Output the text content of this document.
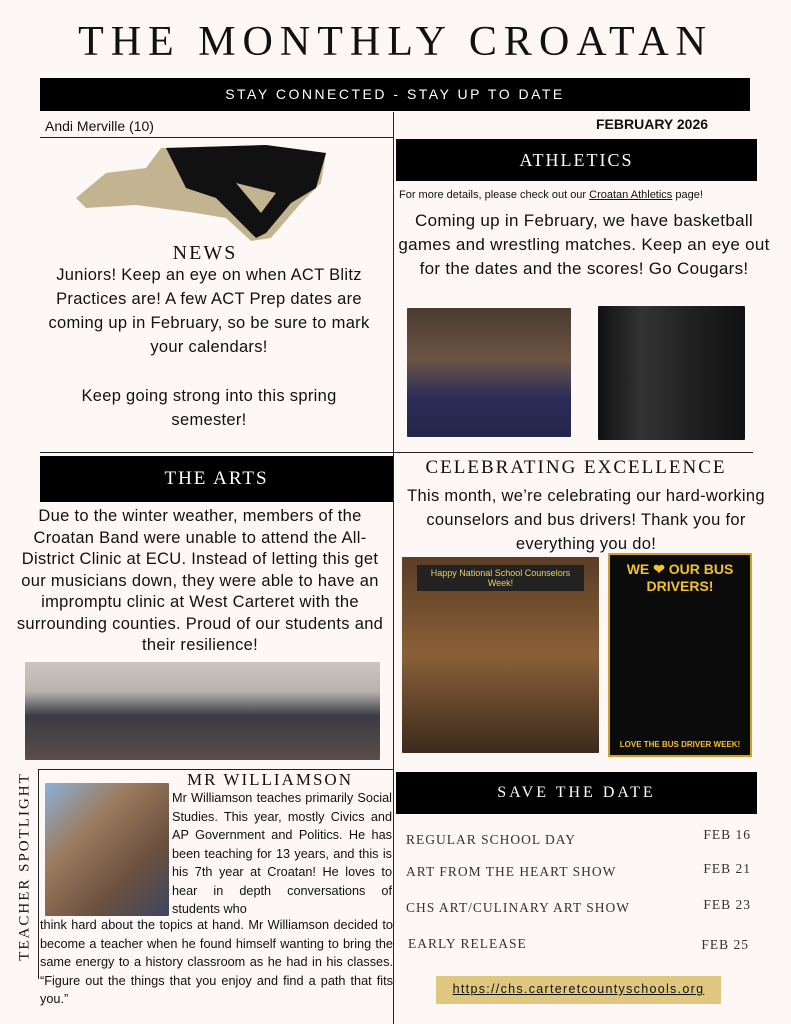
THE MONTHLY CROATAN
STAY CONNECTED - STAY UP TO DATE
Andi Merville (10)	FEBRUARY 2026
NEWS
Juniors! Keep an eye on when ACT Blitz Practices are! A few ACT Prep dates are coming up in February, so be sure to mark your calendars!
Keep going strong into this spring semester!
ATHLETICS
For more details, please check out our Croatan Athletics page!
Coming up in February, we have basketball games and wrestling matches. Keep an eye out for the dates and the scores! Go Cougars!
THE ARTS
Due to the winter weather, members of the Croatan Band were unable to attend the All-District Clinic at ECU. Instead of letting this get our musicians down, they were able to have an impromptu clinic at West Carteret with the surrounding counties. Proud of our students and their resilience!
CELEBRATING EXCELLENCE
This month, we’re celebrating our hard-working counselors and bus drivers! Thank you for everything you do!
Happy National School Counselors Week!
WE ❤ OUR BUS DRIVERS!
LOVE THE BUS DRIVER WEEK!
TEACHER SPOTLIGHT	MR WILLIAMSON
Mr Williamson teaches primarily Social Studies. This year, mostly Civics and AP Government and Politics. He has been teaching for 13 years, and this is his 7th year at Croatan! He loves to hear in depth conversations of students who
think hard about the topics at hand. Mr Williamson decided to become a teacher when he found himself wanting to bring the same energy to a history classroom as he had in his classes. “Figure out the things that you enjoy and find a path that fits you.”
SAVE THE DATE
REGULAR SCHOOL DAY	FEB 16
ART FROM THE HEART SHOW	FEB 21
CHS ART/CULINARY ART SHOW	FEB 23
EARLY RELEASE	FEB 25
https://chs.carteretcountyschools.org
